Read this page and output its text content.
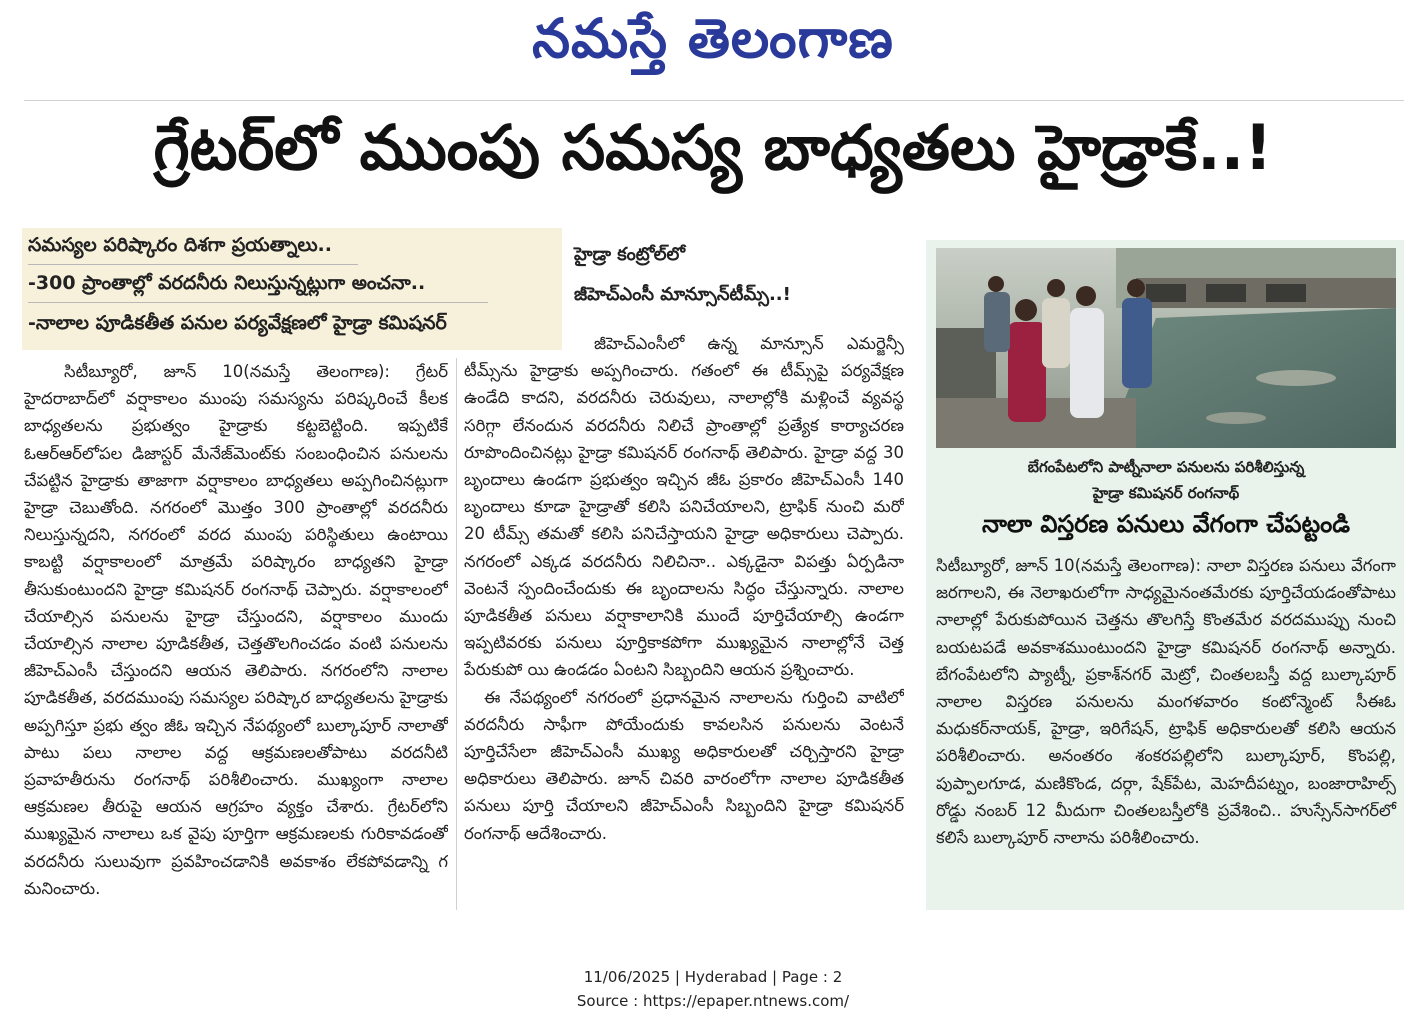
నమస్తే తెలంగాణ
గ్రేటర్‌లో ముంపు సమస్య బాధ్యతలు హైడ్రాకే..!
సమస్యల పరిష్కారం దిశగా ప్రయత్నాలు..
-300 ప్రాంతాల్లో వరదనీరు నిలుస్తున్నట్లుగా అంచనా..
-నాలాల పూడికతీత పనుల పర్యవేక్షణలో హైడ్రా కమిషనర్
హైడ్రా కంట్రోల్‌లో
జీహెచ్‌ఎంసీ మాన్సూన్‌టీమ్స్‌..!

సిటీబ్యూరో, జూన్ 10(నమస్తే తెలంగాణ): గ్రేటర్ హైదరాబాద్‌లో వర్షాకాలం ముంపు సమస్యను పరిష్కరించే కీలక బాధ్యతలను ప్రభుత్వం హైడ్రాకు కట్టబెట్టింది. ఇప్పటికే ఓఆర్ఆర్‌లోపల డిజాస్టర్ మేనేజ్‌మెంట్‌కు సంబంధించిన పనులను చేపట్టిన హైడ్రాకు తాజాగా వర్షాకాలం బాధ్యతలు అప్పగించినట్లుగా హైడ్రా చెబుతోంది. నగరంలో మొత్తం 300 ప్రాంతాల్లో వరదనీరు నిలుస్తున్నదని, నగరంలో వరద ముంపు పరిస్థితులు ఉంటాయి కాబట్టి వర్షాకాలంలో మాత్రమే పరిష్కారం బాధ్యతని హైడ్రా తీసుకుంటుందని హైడ్రా కమిషనర్ రంగనాథ్ చెప్పారు. వర్షాకాలంలో చేయాల్సిన పనులను హైడ్రా చేస్తుందని, వర్షాకాలం ముందు చేయాల్సిన నాలాల పూడికతీత, చెత్తతొలగించడం వంటి పనులను జీహెచ్‌ఎంసీ చేస్తుందని ఆయన తెలిపారు. నగరంలోని నాలాల పూడికతీత, వరదముంపు సమస్యల పరిష్కార బాధ్యతలను హైడ్రాకు అప్పగిస్తూ ప్రభు త్వం జీఓ ఇచ్చిన నేపథ్యంలో బుల్కాపూర్ నాలాతో పాటు పలు నాలాల వద్ద ఆక్రమణలతోపాటు వరదనీటి ప్రవాహతీరును రంగనాథ్ పరిశీలించారు. ముఖ్యంగా నాలాల ఆక్రమణల తీరుపై ఆయన ఆగ్రహం వ్యక్తం చేశారు. గ్రేటర్‌లోని ముఖ్యమైన నాలాలు ఒక వైపు పూర్తిగా ఆక్రమణలకు గురికావడంతో వరదనీరు సులువుగా ప్రవహించడానికి అవకాశం లేకపోవడాన్ని గ మనించారు.

జీహెచ్‌ఎంసీలో ఉన్న మాన్సూన్ ఎమర్జెన్సీ టీమ్స్‌ను హైడ్రాకు అప్పగించారు. గతంలో ఈ టీమ్స్‌పై పర్యవేక్షణ ఉండేది కాదని, వరదనీరు చెరువులు, నాలాల్లోకి మళ్లించే వ్యవస్థ సరిగ్గా లేనందున వరదనీరు నిలిచే ప్రాంతాల్లో ప్రత్యేక కార్యాచరణ రూపొందించినట్లు హైడ్రా కమిషనర్ రంగనాథ్ తెలిపారు. హైడ్రా వద్ద 30 బృందాలు ఉండగా ప్రభుత్వం ఇచ్చిన జీఓ ప్రకారం జీహెచ్‌ఎంసీ 140 బృందాలు కూడా హైడ్రాతో కలిసి పనిచేయాలని, ట్రాఫిక్ నుంచి మరో 20 టీమ్స్ తమతో కలిసి పనిచేస్తాయని హైడ్రా అధికారులు చెప్పారు. నగరంలో ఎక్కడ వరదనీరు నిలిచినా.. ఎక్కడైనా విపత్తు ఏర్పడినా వెంటనే స్పందించేందుకు ఈ బృందాలను సిద్ధం చేస్తున్నారు. నాలాల పూడికతీత పనులు వర్షాకాలానికి ముందే పూర్తిచేయాల్సి ఉండగా ఇప్పటివరకు పనులు పూర్తికాకపోగా ముఖ్యమైన నాలాల్లోనే చెత్త పేరుకుపో యి ఉండడం ఏంటని సిబ్బందిని ఆయన ప్రశ్నించారు.

ఈ నేపథ్యంలో నగరంలో ప్రధానమైన నాలాలను గుర్తించి వాటిలో వరదనీరు సాఫీగా పోయేందుకు కావలసిన పనులను వెంటనే పూర్తిచేసేలా జీహెచ్‌ఎంసీ ముఖ్య అధికారులతో చర్చిస్తారని హైడ్రా అధికారులు తెలిపారు. జూన్ చివరి వారంలోగా నాలాల పూడికతీత పనులు పూర్తి చేయాలని జీహెచ్‌ఎంసీ సిబ్బందిని హైడ్రా కమిషనర్ రంగనాథ్ ఆదేశించారు.

బేగంపేటలోని పాట్నీనాలా పనులను పరిశీలిస్తున్న
హైడ్రా కమిషనర్ రంగనాథ్
నాలా విస్తరణ పనులు వేగంగా చేపట్టండి
సిటీబ్యూరో, జూన్ 10(నమస్తే తెలంగాణ): నాలా విస్తరణ పనులు వేగంగా జరగాలని, ఈ నెలాఖరులోగా సాధ్యమైనంతమేరకు పూర్తిచేయడంతోపాటు నాలాల్లో పేరుకుపోయిన చెత్తను తొలగిస్తే కొంతమేర వరదముప్పు నుంచి బయటపడే అవకాశముంటుందని హైడ్రా కమిషనర్ రంగనాథ్ అన్నారు. బేగంపేటలోని ప్యాట్నీ, ప్రకాశ్‌నగర్ మెట్రో, చింతలబస్తీ వద్ద బుల్కాపూర్ నాలాల విస్తరణ పనులను మంగళవారం కంటోన్మెంట్ సీఈఓ మధుకర్‌నాయక్, హైడ్రా, ఇరిగేషన్, ట్రాఫిక్ అధికారులతో కలిసి ఆయన పరిశీలించారు. అనంతరం శంకరపల్లిలోని బుల్కాపూర్, కొంపల్లి, పుప్పాలగూడ, మణికొండ, దర్గా, షేక్‌పేట, మెహదీపట్నం, బంజారాహిల్స్ రోడ్డు నంబర్ 12 మీదుగా చింతలబస్తీలోకి ప్రవేశించి.. హుస్సేన్‌సాగర్‌లో కలిసే బుల్కాపూర్ నాలాను పరిశీలించారు.
11/06/2025 | Hyderabad | Page : 2
Source : https://epaper.ntnews.com/
